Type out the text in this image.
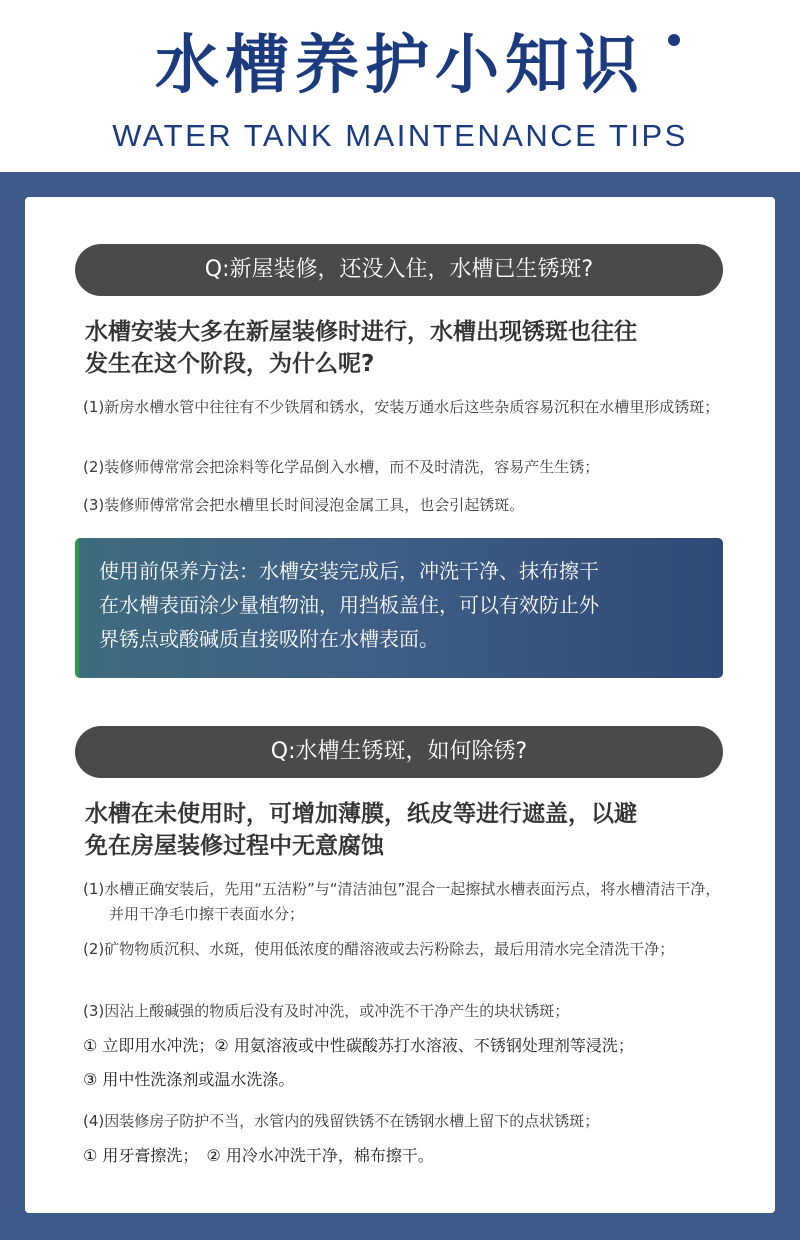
水槽养护小知识
WATER TANK MAINTENANCE TIPS
Q:新屋装修，还没入住，水槽已生锈斑?
水槽安装大多在新屋装修时进行，水槽出现锈斑也往往
发生在这个阶段，为什么呢?
(1)新房水槽水管中往往有不少铁屑和锈水，安装万通水后这些杂质容易沉积在水槽里形成锈斑；
(2)装修师傅常常会把涂料等化学品倒入水槽，而不及时清洗，容易产生生锈；
(3)装修师傅常常会把水槽里长时间浸泡金属工具，也会引起锈斑。
使用前保养方法：水槽安装完成后，冲洗干净、抹布擦干
在水槽表面涂少量植物油，用挡板盖住，可以有效防止外
界锈点或酸碱质直接吸附在水槽表面。
Q:水槽生锈斑，如何除锈?
水槽在未使用时，可增加薄膜，纸皮等进行遮盖，以避
免在房屋装修过程中无意腐蚀
(1)水槽正确安装后，先用“五洁粉”与“清洁油包”混合一起擦拭水槽表面污点，将水槽清洁干净，并用干净毛巾擦干表面水分；
(2)矿物物质沉积、水斑，使用低浓度的醋溶液或去污粉除去，最后用清水完全清洗干净；
(3)因沾上酸碱强的物质后没有及时冲洗，或冲洗不干净产生的块状锈斑；
① 立即用水冲洗；② 用氨溶液或中性碳酸苏打水溶液、不锈钢处理剂等浸洗；
③ 用中性洗涤剂或温水洗涤。
(4)因装修房子防护不当，水管内的残留铁锈不在锈钢水槽上留下的点状锈斑；
① 用牙膏擦洗；　② 用冷水冲洗干净，棉布擦干。
